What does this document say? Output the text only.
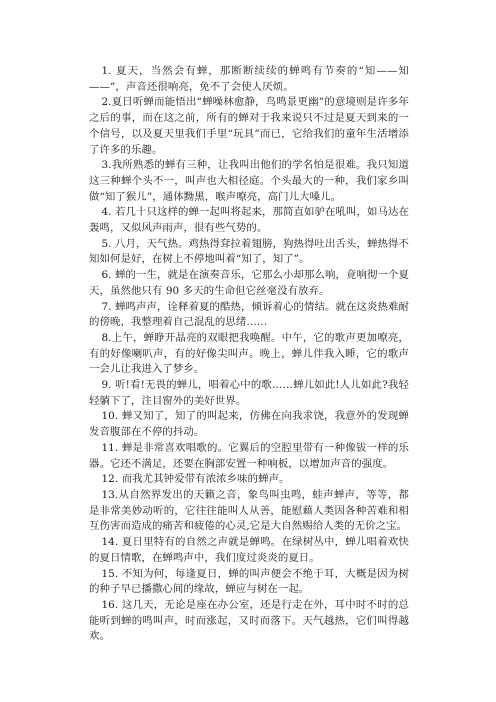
1. 夏天，当然会有蝉，那断断续续的蝉鸣有节奏的“知——知——”，声音还很响亮，免不了会使人厌烦。

2.夏日听蝉而能悟出“蝉噪林愈静，鸟鸣景更幽”的意境则是许多年之后的事，而在这之前，所有的蝉对于我来说只不过是夏天到来的一个信号，以及夏天里我们手里“玩具”而已，它给我们的童年生活增添了许多的乐趣。

3.我所熟悉的蝉有三种，让我叫出他们的学名怕是很难。我只知道这三种蝉个头不一，叫声也大相径庭。个头最大的一种，我们家乡叫做“知了猴儿”，通体黝黑，喉声嘹亮，高门儿大嗓儿。

4. 若几十只这样的蝉一起叫将起来，那简直如驴在吼叫，如马达在轰鸣，又似风声雨声，很有些气势的。

5. 八月，天气热。鸡热得耷拉着翅膀，狗热得吐出舌头，蝉热得不知如何是好，在树上不停地叫着“知了，知了”。

6. 蝉的一生，就是在演奏音乐，它那么小却那么响，竟响彻一个夏天，虽然他只有 90 多天的生命但它丝毫没有放弃。

7. 蝉鸣声声，诠释着夏的酷热，倾诉着心的情结。就在这炎热难耐的傍晚，我整理着自己混乱的思绪……

8.上午，蝉睁开晶亮的双眼把我唤醒。中午，它的歌声更加嘹亮，有的好像喇叭声，有的好像尖叫声。晚上，蝉儿伴我入睡，它的歌声一会儿让我进入了梦乡。

9. 听!看!无畏的蝉儿，唱着心中的歌……蝉儿如此!人儿如此?我轻轻躺下了，注目窗外的美好世界。

10. 蝉又知了，知了的叫起来，仿佛在向我求饶，我意外的发现蝉发音腹部在不停的抖动。

11. 蝉是非常喜欢唱歌的。它翼后的空腔里带有一种像钹一样的乐器。它还不满足，还要在胸部安置一种响板，以增加声音的强度。

12. 而我尤其钟爱带有浓浓乡味的蝉声。

13.从自然界发出的天籁之音，象鸟叫虫鸣，蛙声蝉声，等等，都是非常美妙动听的，它往往能叫人从善，能慰藉人类因各种苦难和相互伤害而造成的痛苦和疲倦的心灵,它是大自然赐给人类的无价之宝。

14. 夏日里特有的自然之声就是蝉鸣。在绿树丛中，蝉儿唱着欢快的夏日情歌，在蝉鸣声中，我们度过炎炎的夏日。

15. 不知为何，每逢夏日，蝉的叫声便会不绝于耳，大概是因为树的种子早已播撒心间的缘故，蝉应与树在一起。

16. 这几天，无论是座在办公室，还是行走在外，耳中时不时的总能听到蝉的鸣叫声，时而涨起，又时而落下。天气越热，它们叫得越欢。
